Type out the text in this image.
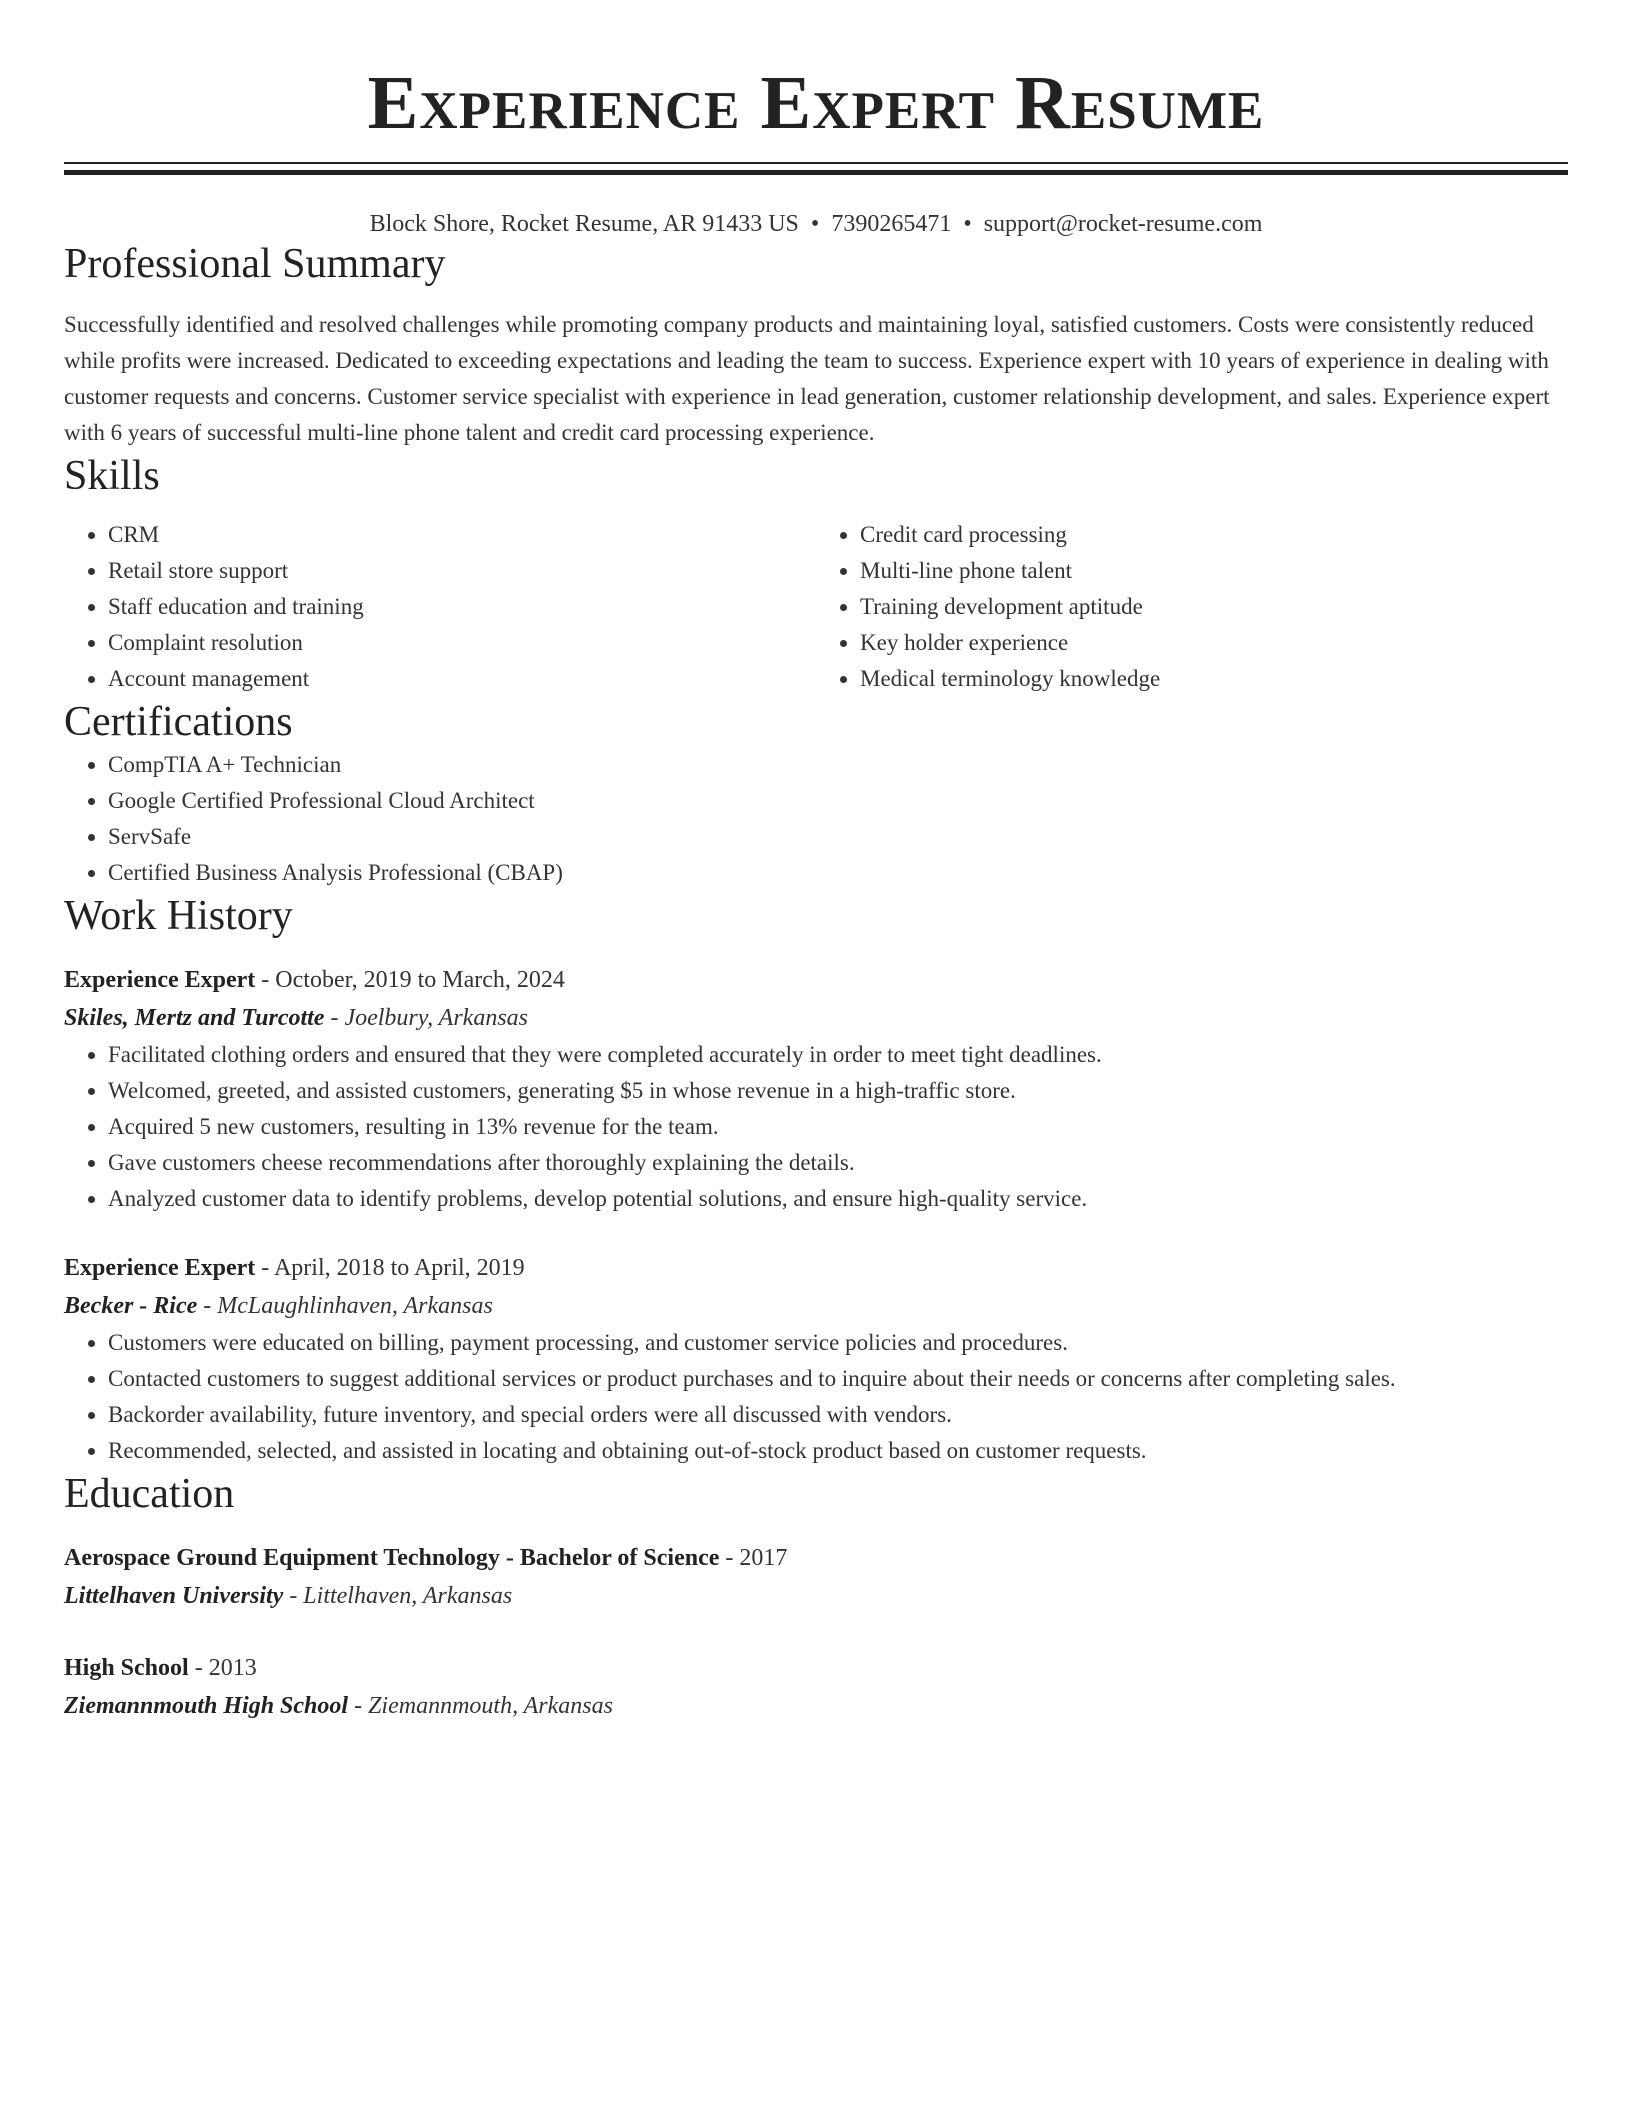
Experience Expert Resume
Block Shore, Rocket Resume, AR 91433 US • 7390265471 • support@rocket-resume.com
Professional Summary

Successfully identified and resolved challenges while promoting company products and maintaining loyal, satisfied customers. Costs were consistently reduced while profits were increased. Dedicated to exceeding expectations and leading the team to success. Experience expert with 10 years of experience in dealing with customer requests and concerns. Customer service specialist with experience in lead generation, customer relationship development, and sales. Experience expert with 6 years of successful multi-line phone talent and credit card processing experience.

Skills
• CRM
• Retail store support
• Staff education and training
• Complaint resolution
• Account management
• Credit card processing
• Multi-line phone talent
• Training development aptitude
• Key holder experience
• Medical terminology knowledge
Certifications
• CompTIA A+ Technician
• Google Certified Professional Cloud Architect
• ServSafe
• Certified Business Analysis Professional (CBAP)
Work History
Experience Expert - October, 2019 to March, 2024
Skiles, Mertz and Turcotte - Joelbury, Arkansas
• Facilitated clothing orders and ensured that they were completed accurately in order to meet tight deadlines.
• Welcomed, greeted, and assisted customers, generating $5 in whose revenue in a high-traffic store.
• Acquired 5 new customers, resulting in 13% revenue for the team.
• Gave customers cheese recommendations after thoroughly explaining the details.
• Analyzed customer data to identify problems, develop potential solutions, and ensure high-quality service.
Experience Expert - April, 2018 to April, 2019
Becker - Rice - McLaughlinhaven, Arkansas
• Customers were educated on billing, payment processing, and customer service policies and procedures.
• Contacted customers to suggest additional services or product purchases and to inquire about their needs or concerns after completing sales.
• Backorder availability, future inventory, and special orders were all discussed with vendors.
• Recommended, selected, and assisted in locating and obtaining out-of-stock product based on customer requests.
Education
Aerospace Ground Equipment Technology - Bachelor of Science - 2017
Littelhaven University - Littelhaven, Arkansas
High School - 2013
Ziemannmouth High School - Ziemannmouth, Arkansas
